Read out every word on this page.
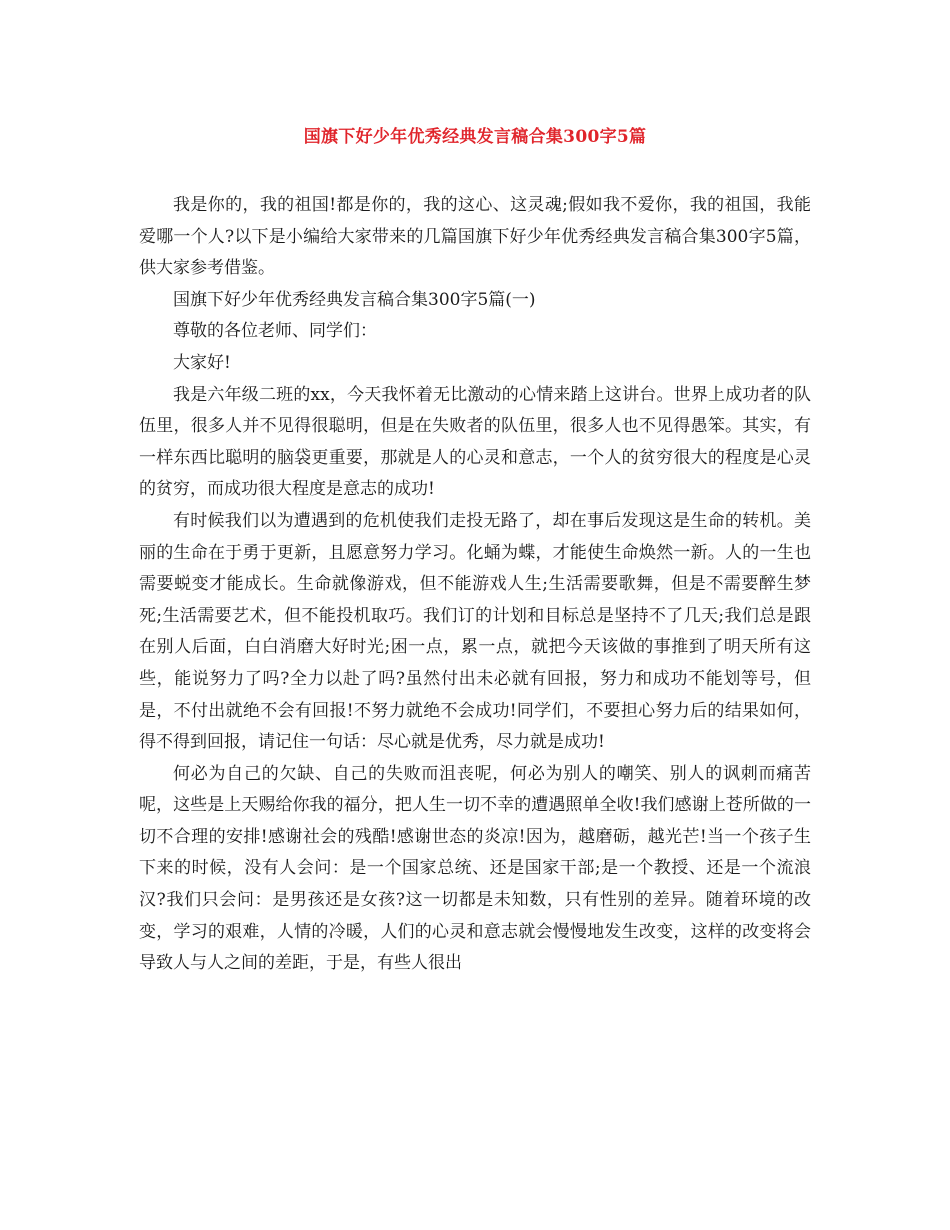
国旗下好少年优秀经典发言稿合集300字5篇

我是你的，我的祖国!都是你的，我的这心、这灵魂;假如我不爱你，我的祖国，我能爱哪一个人?以下是小编给大家带来的几篇国旗下好少年优秀经典发言稿合集300字5篇，供大家参考借鉴。

国旗下好少年优秀经典发言稿合集300字5篇(一)

尊敬的各位老师、同学们：

大家好!

我是六年级二班的xx，今天我怀着无比激动的心情来踏上这讲台。世界上成功者的队伍里，很多人并不见得很聪明，但是在失败者的队伍里，很多人也不见得愚笨。其实，有一样东西比聪明的脑袋更重要，那就是人的心灵和意志，一个人的贫穷很大的程度是心灵的贫穷，而成功很大程度是意志的成功!

有时候我们以为遭遇到的危机使我们走投无路了，却在事后发现这是生命的转机。美丽的生命在于勇于更新，且愿意努力学习。化蛹为蝶，才能使生命焕然一新。人的一生也需要蜕变才能成长。生命就像游戏，但不能游戏人生;生活需要歌舞，但是不需要醉生梦死;生活需要艺术，但不能投机取巧。我们订的计划和目标总是坚持不了几天;我们总是跟在别人后面，白白消磨大好时光;困一点，累一点，就把今天该做的事推到了明天所有这些，能说努力了吗?全力以赴了吗?虽然付出未必就有回报，努力和成功不能划等号，但是，不付出就绝不会有回报!不努力就绝不会成功!同学们，不要担心努力后的结果如何，得不得到回报，请记住一句话：尽心就是优秀，尽力就是成功!

何必为自己的欠缺、自己的失败而沮丧呢，何必为别人的嘲笑、别人的讽刺而痛苦呢，这些是上天赐给你我的福分，把人生一切不幸的遭遇照单全收!我们感谢上苍所做的一切不合理的安排!感谢社会的残酷!感谢世态的炎凉!因为，越磨砺，越光芒!当一个孩子生下来的时候，没有人会问：是一个国家总统、还是国家干部;是一个教授、还是一个流浪汉?我们只会问：是男孩还是女孩?这一切都是未知数，只有性别的差异。随着环境的改变，学习的艰难，人情的冷暖，人们的心灵和意志就会慢慢地发生改变，这样的改变将会导致人与人之间的差距，于是，有些人很出
